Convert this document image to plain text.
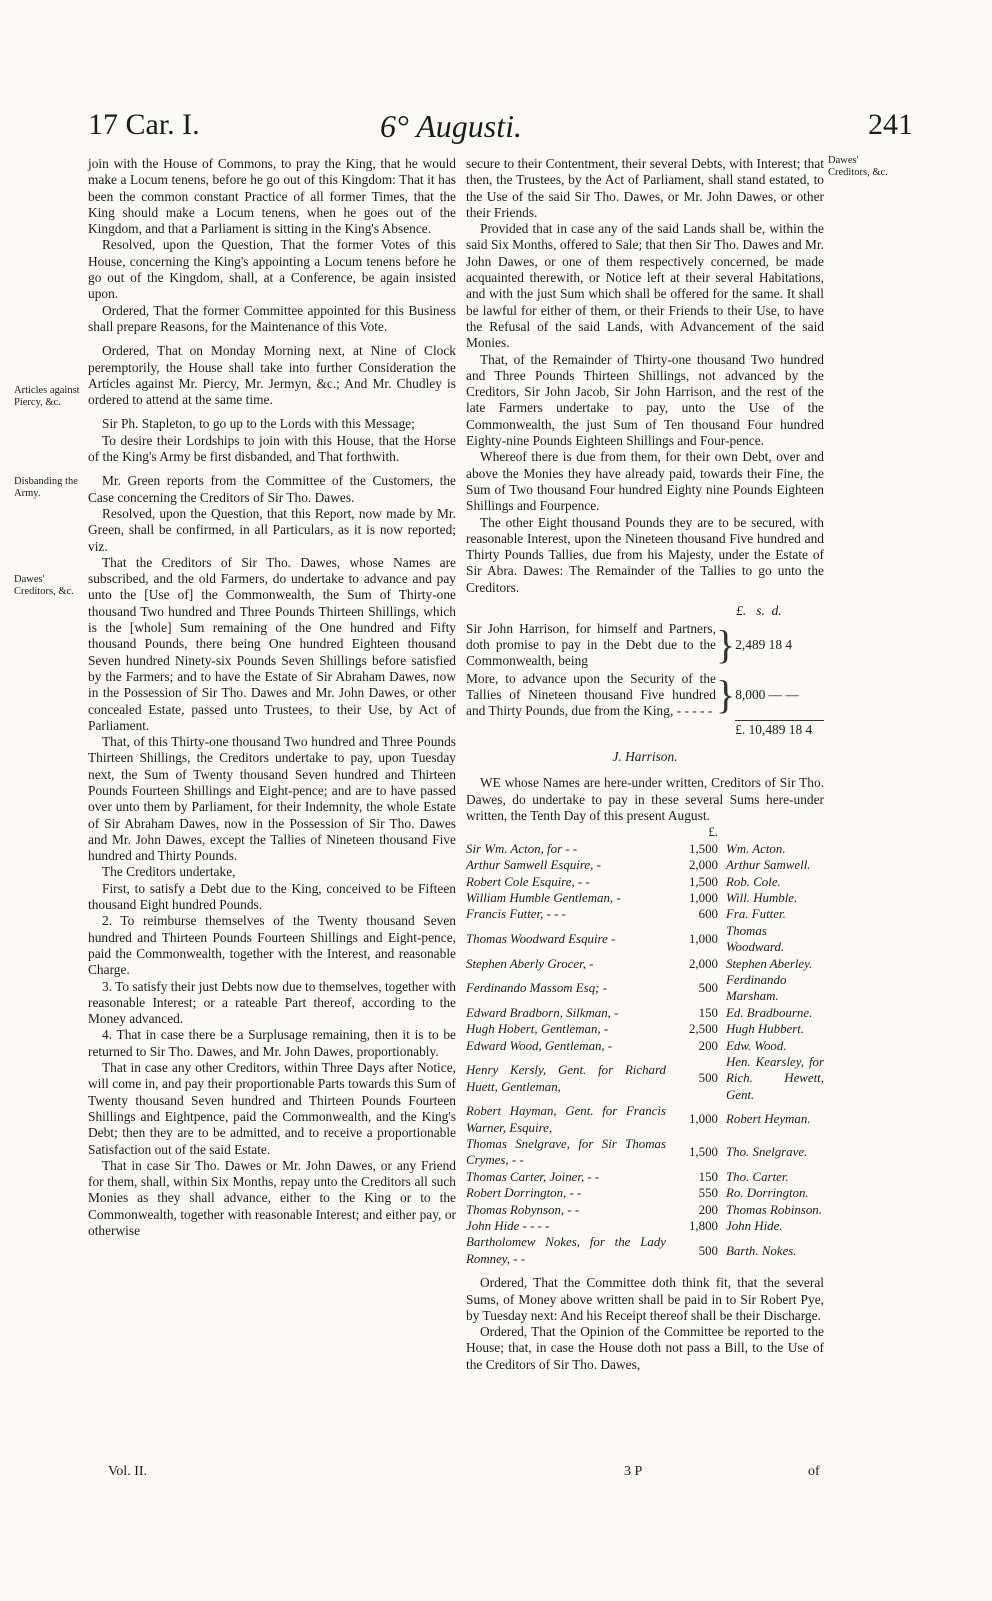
17 Car. I.	6° Augusti.	241
Articles against Piercy, &c.
Disbanding the Army.
Dawes' Creditors, &c.
Dawes' Creditors, &c.

join with the House of Commons, to pray the King, that he would make a Locum tenens, before he go out of this Kingdom: That it has been the common constant Practice of all former Times, that the King should make a Locum tenens, when he goes out of the Kingdom, and that a Parliament is sitting in the King's Absence.

Resolved, upon the Question, That the former Votes of this House, concerning the King's appointing a Locum tenens before he go out of the Kingdom, shall, at a Conference, be again insisted upon.

Ordered, That the former Committee appointed for this Business shall prepare Reasons, for the Maintenance of this Vote.

Ordered, That on Monday Morning next, at Nine of Clock peremptorily, the House shall take into further Consideration the Articles against Mr. Piercy, Mr. Jermyn, &c.; And Mr. Chudley is ordered to attend at the same time.

Sir Ph. Stapleton, to go up to the Lords with this Message;

To desire their Lordships to join with this House, that the Horse of the King's Army be first disbanded, and That forthwith.

Mr. Green reports from the Committee of the Customers, the Case concerning the Creditors of Sir Tho. Dawes.

Resolved, upon the Question, that this Report, now made by Mr. Green, shall be confirmed, in all Particulars, as it is now reported; viz.

That the Creditors of Sir Tho. Dawes, whose Names are subscribed, and the old Farmers, do undertake to advance and pay unto the [Use of] the Commonwealth, the Sum of Thirty-one thousand Two hundred and Three Pounds Thirteen Shillings, which is the [whole] Sum remaining of the One hundred and Fifty thousand Pounds, there being One hundred Eighteen thousand Seven hundred Ninety-six Pounds Seven Shillings before satisfied by the Farmers; and to have the Estate of Sir Abraham Dawes, now in the Possession of Sir Tho. Dawes and Mr. John Dawes, or other concealed Estate, passed unto Trustees, to their Use, by Act of Parliament.

That, of this Thirty-one thousand Two hundred and Three Pounds Thirteen Shillings, the Creditors undertake to pay, upon Tuesday next, the Sum of Twenty thousand Seven hundred and Thirteen Pounds Fourteen Shillings and Eight-pence; and are to have passed over unto them by Parliament, for their Indemnity, the whole Estate of Sir Abraham Dawes, now in the Possession of Sir Tho. Dawes and Mr. John Dawes, except the Tallies of Nineteen thousand Five hundred and Thirty Pounds.

The Creditors undertake,

First, to satisfy a Debt due to the King, conceived to be Fifteen thousand Eight hundred Pounds.

2. To reimburse themselves of the Twenty thousand Seven hundred and Thirteen Pounds Fourteen Shillings and Eight-pence, paid the Commonwealth, together with the Interest, and reasonable Charge.

3. To satisfy their just Debts now due to themselves, together with reasonable Interest; or a rateable Part thereof, according to the Money advanced.

4. That in case there be a Surplusage remaining, then it is to be returned to Sir Tho. Dawes, and Mr. John Dawes, proportionably.

That in case any other Creditors, within Three Days after Notice, will come in, and pay their proportionable Parts towards this Sum of Twenty thousand Seven hundred and Thirteen Pounds Fourteen Shillings and Eightpence, paid the Commonwealth, and the King's Debt; then they are to be admitted, and to receive a proportionable Satisfaction out of the said Estate.

That in case Sir Tho. Dawes or Mr. John Dawes, or any Friend for them, shall, within Six Months, repay unto the Creditors all such Monies as they shall advance, either to the King or to the Commonwealth, together with reasonable Interest; and either pay, or otherwise

secure to their Contentment, their several Debts, with Interest; that then, the Trustees, by the Act of Parliament, shall stand estated, to the Use of the said Sir Tho. Dawes, or Mr. John Dawes, or other their Friends.

Provided that in case any of the said Lands shall be, within the said Six Months, offered to Sale; that then Sir Tho. Dawes and Mr. John Dawes, or one of them respectively concerned, be made acquainted therewith, or Notice left at their several Habitations, and with the just Sum which shall be offered for the same. It shall be lawful for either of them, or their Friends to their Use, to have the Refusal of the said Lands, with Advancement of the said Monies.

That, of the Remainder of Thirty-one thousand Two hundred and Three Pounds Thirteen Shillings, not advanced by the Creditors, Sir John Jacob, Sir John Harrison, and the rest of the late Farmers undertake to pay, unto the Use of the Commonwealth, the just Sum of Ten thousand Four hundred Eighty-nine Pounds Eighteen Shillings and Four-pence.

Whereof there is due from them, for their own Debt, over and above the Monies they have already paid, towards their Fine, the Sum of Two thousand Four hundred Eighty nine Pounds Eighteen Shillings and Fourpence.

The other Eight thousand Pounds they are to be secured, with reasonable Interest, upon the Nineteen thousand Five hundred and Thirty Pounds Tallies, due from his Majesty, under the Estate of Sir Abra. Dawes: The Remainder of the Tallies to go unto the Creditors.

		£. s. d.
Sir John Harrison, for himself and Partners, doth promise to pay in the Debt due to the Commonwealth, being	}	2,489 18 4
More, to advance upon the Security of the Tallies of Nineteen thousand Five hundred and Thirty Pounds, due from the King, - - - - -	}	8,000 — —
		£. 10,489 18 4
J. Harrison.

WE whose Names are here-under written, Creditors of Sir Tho. Dawes, do undertake to pay in these several Sums here-under written, the Tenth Day of this present August.

	£.	
Sir Wm. Acton, for - -	1,500	Wm. Acton.
Arthur Samwell Esquire, -	2,000	Arthur Samwell.
Robert Cole Esquire, - -	1,500	Rob. Cole.
William Humble Gentleman, -	1,000	Will. Humble.
Francis Futter, - - -	600	Fra. Futter.
Thomas Woodward Esquire -	1,000	Thomas Woodward.
Stephen Aberly Grocer, -	2,000	Stephen Aberley.
Ferdinando Massom Esq; -	500	Ferdinando Marsham.
Edward Bradborn, Silkman, -	150	Ed. Bradbourne.
Hugh Hobert, Gentleman, -	2,500	Hugh Hubbert.
Edward Wood, Gentleman, -	200	Edw. Wood.
Henry Kersly, Gent. for Richard Huett, Gentleman,	500	Hen. Kearsley, for Rich. Hewett, Gent.
Robert Hayman, Gent. for Francis Warner, Esquire,	1,000	Robert Heyman.
Thomas Snelgrave, for Sir Thomas Crymes, - -	1,500	Tho. Snelgrave.
Thomas Carter, Joiner, - -	150	Tho. Carter.
Robert Dorrington, - -	550	Ro. Dorrington.
Thomas Robynson, - -	200	Thomas Robinson.
John Hide - - - -	1,800	John Hide.
Bartholomew Nokes, for the Lady Romney, - -	500	Barth. Nokes.

Ordered, That the Committee doth think fit, that the several Sums, of Money above written shall be paid in to Sir Robert Pye, by Tuesday next: And his Receipt thereof shall be their Discharge.

Ordered, That the Opinion of the Committee be reported to the House; that, in case the House doth not pass a Bill, to the Use of the Creditors of Sir Tho. Dawes,

Vol. II.	3 P	of
